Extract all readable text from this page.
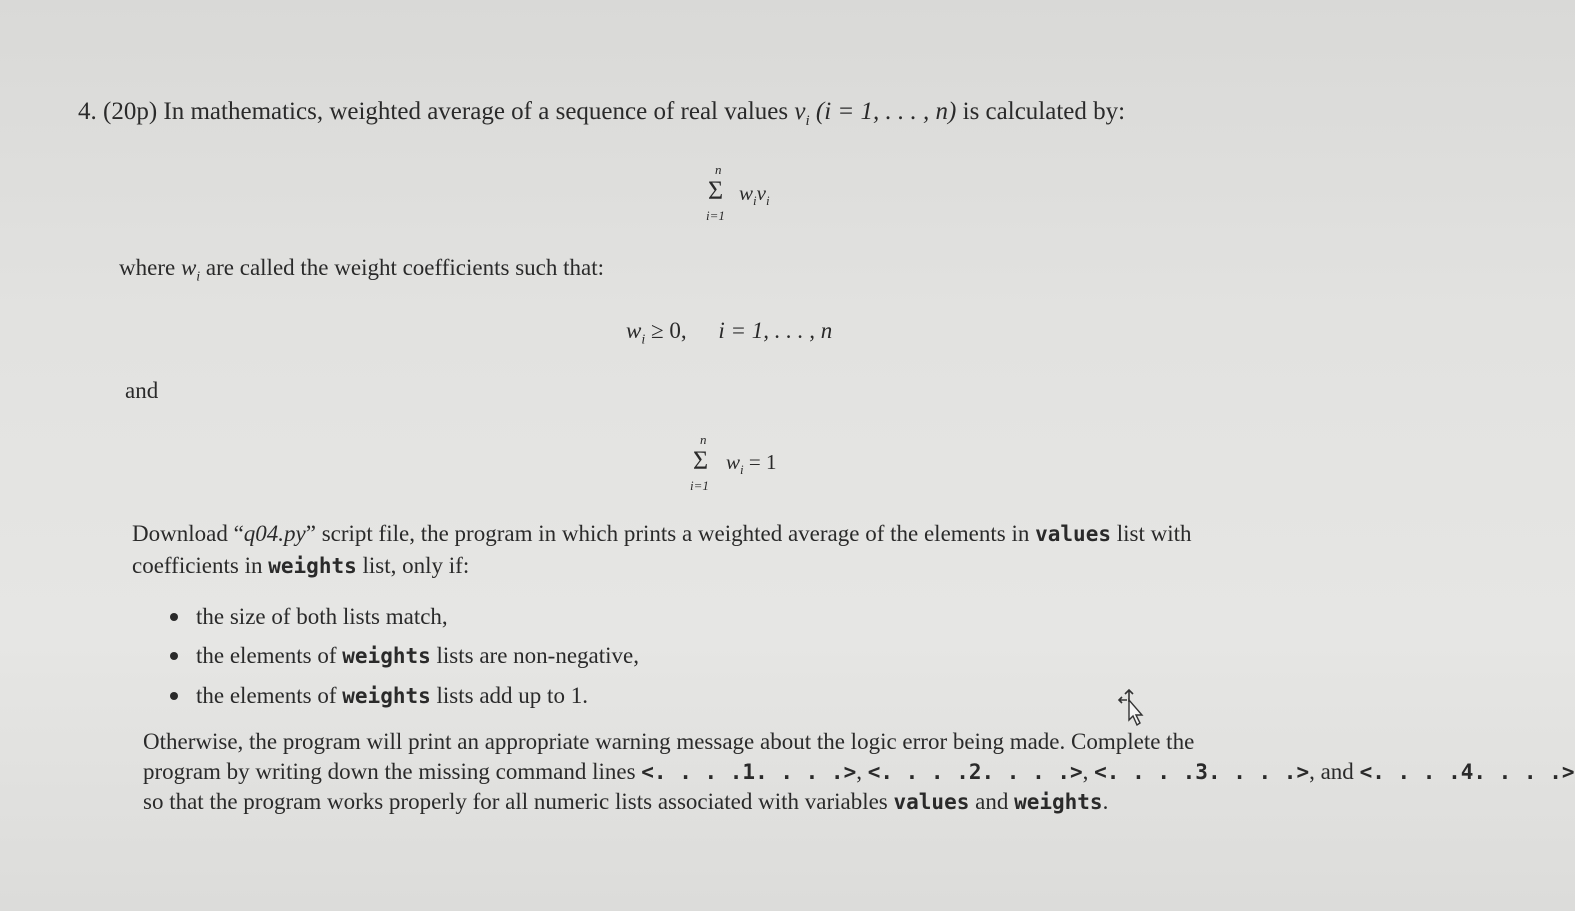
4. (20p) In mathematics, weighted average of a sequence of real values $v_i$ (i = 1, . . . , n) is calculated by:
n
Σ
i=1
$w_iv_i$
where $w_i$ are called the weight coefficients such that:
$w_i \ge 0$, i = 1, . . . , n
and
n
Σ
i=1
$w_i = 1$
Download “q04.py” script file, the program in which prints a weighted average of the elements in values list with
coefficients in weights list, only if:
the size of both lists match,
the elements of weights lists are non-negative,
the elements of weights lists add up to 1.
Otherwise, the program will print an appropriate warning message about the logic error being made. Complete the
program by writing down the missing command lines <. . . .1. . . .>, <. . . .2. . . .>, <. . . .3. . . .>, and <. . . .4. . . .>
so that the program works properly for all numeric lists associated with variables values and weights.
